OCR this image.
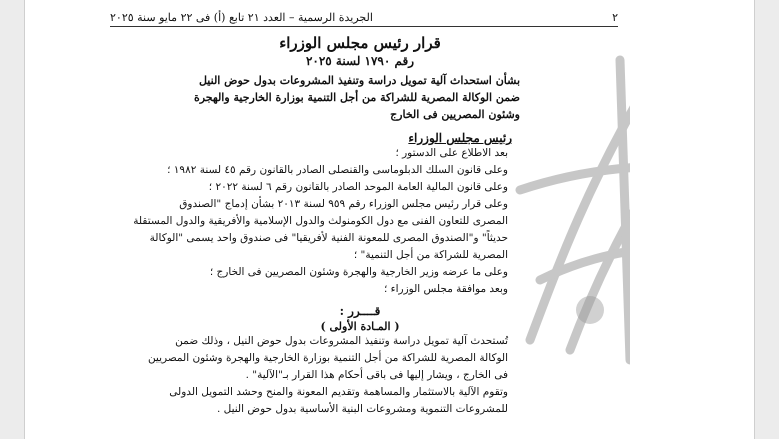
٢
الجريدة الرسمية – العدد ٢١ تابع (أ) فى ٢٢ مايو سنة ٢٠٢٥
قرار رئيس مجلس الوزراء
رقم ١٧٩٠ لسنة ٢٠٢٥
بشأن استحداث آلية تمويل دراسة وتنفيذ المشروعات بدول حوض النيل
ضمن الوكالة المصرية للشراكة من أجل التنمية بوزارة الخارجية والهجرة
وشئون المصريين فى الخارج
رئيس مجلس الوزراء
بعد الاطلاع على الدستور ؛
وعلى قانون السلك الدبلوماسى والقنصلى الصادر بالقانون رقم ٤٥ لسنة ١٩٨٢ ؛
وعلى قانون المالية العامة الموحد الصادر بالقانون رقم ٦ لسنة ٢٠٢٢ ؛
وعلى قرار رئيس مجلس الوزراء رقم ٩٥٩ لسنة ٢٠١٣ بشأن إدماج "الصندوق
المصرى للتعاون الفنى مع دول الكومنولث والدول الإسلامية والأفريقية والدول المستقلة
حديثاً" و"الصندوق المصرى للمعونة الفنية لأفريقيا" فى صندوق واحد يسمى "الوكالة
المصرية للشراكة من أجل التنمية" ؛
وعلى ما عرضه وزير الخارجية والهجرة وشئون المصريين فى الخارج ؛
وبعد موافقة مجلس الوزراء ؛
قــــرر :
( المـادة الأولى )
تُستحدث آلية تمويل دراسة وتنفيذ المشروعات بدول حوض النيل ، وذلك ضمن
الوكالة المصرية للشراكة من أجل التنمية بوزارة الخارجية والهجرة وشئون المصريين
فى الخارج ، ويشار إليها فى باقى أحكام هذا القرار بـ"الآلية" .
وتقوم الآلية بالاستثمار والمساهمة وتقديم المعونة والمنح وحشد التمويل الدولى
للمشروعات التنموية ومشروعات البنية الأساسية بدول حوض النيل .
